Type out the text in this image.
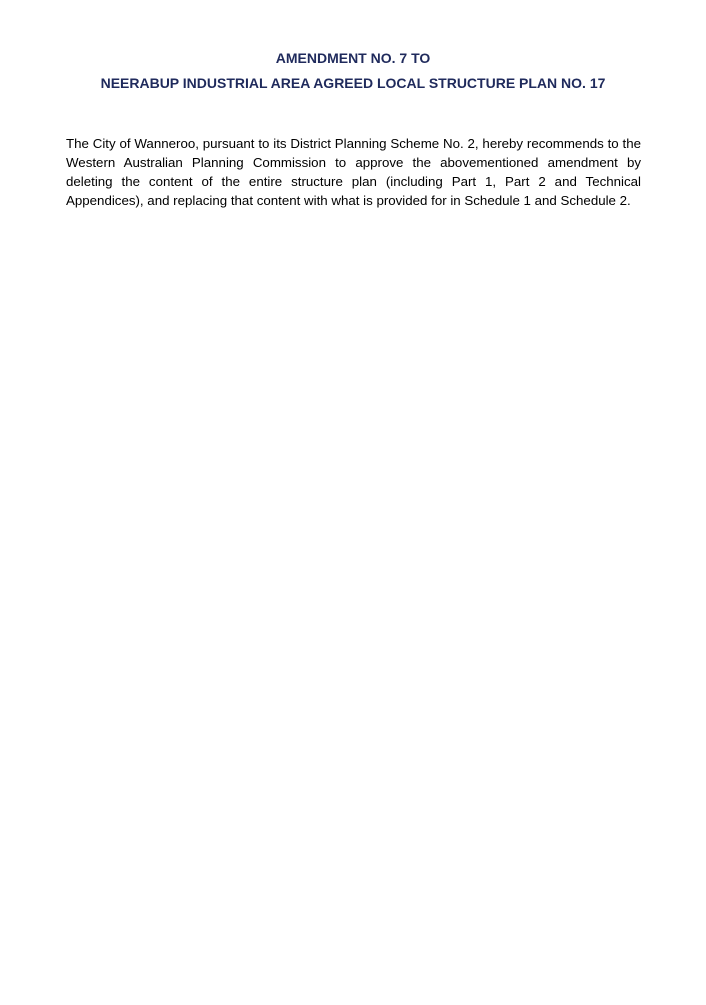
AMENDMENT NO. 7 TO
NEERABUP INDUSTRIAL AREA AGREED LOCAL STRUCTURE PLAN NO. 17

The City of Wanneroo, pursuant to its District Planning Scheme No. 2, hereby recommends to the Western Australian Planning Commission to approve the abovementioned amendment by deleting the content of the entire structure plan (including Part 1, Part 2 and Technical Appendices), and replacing that content with what is provided for in Schedule 1 and Schedule 2.
